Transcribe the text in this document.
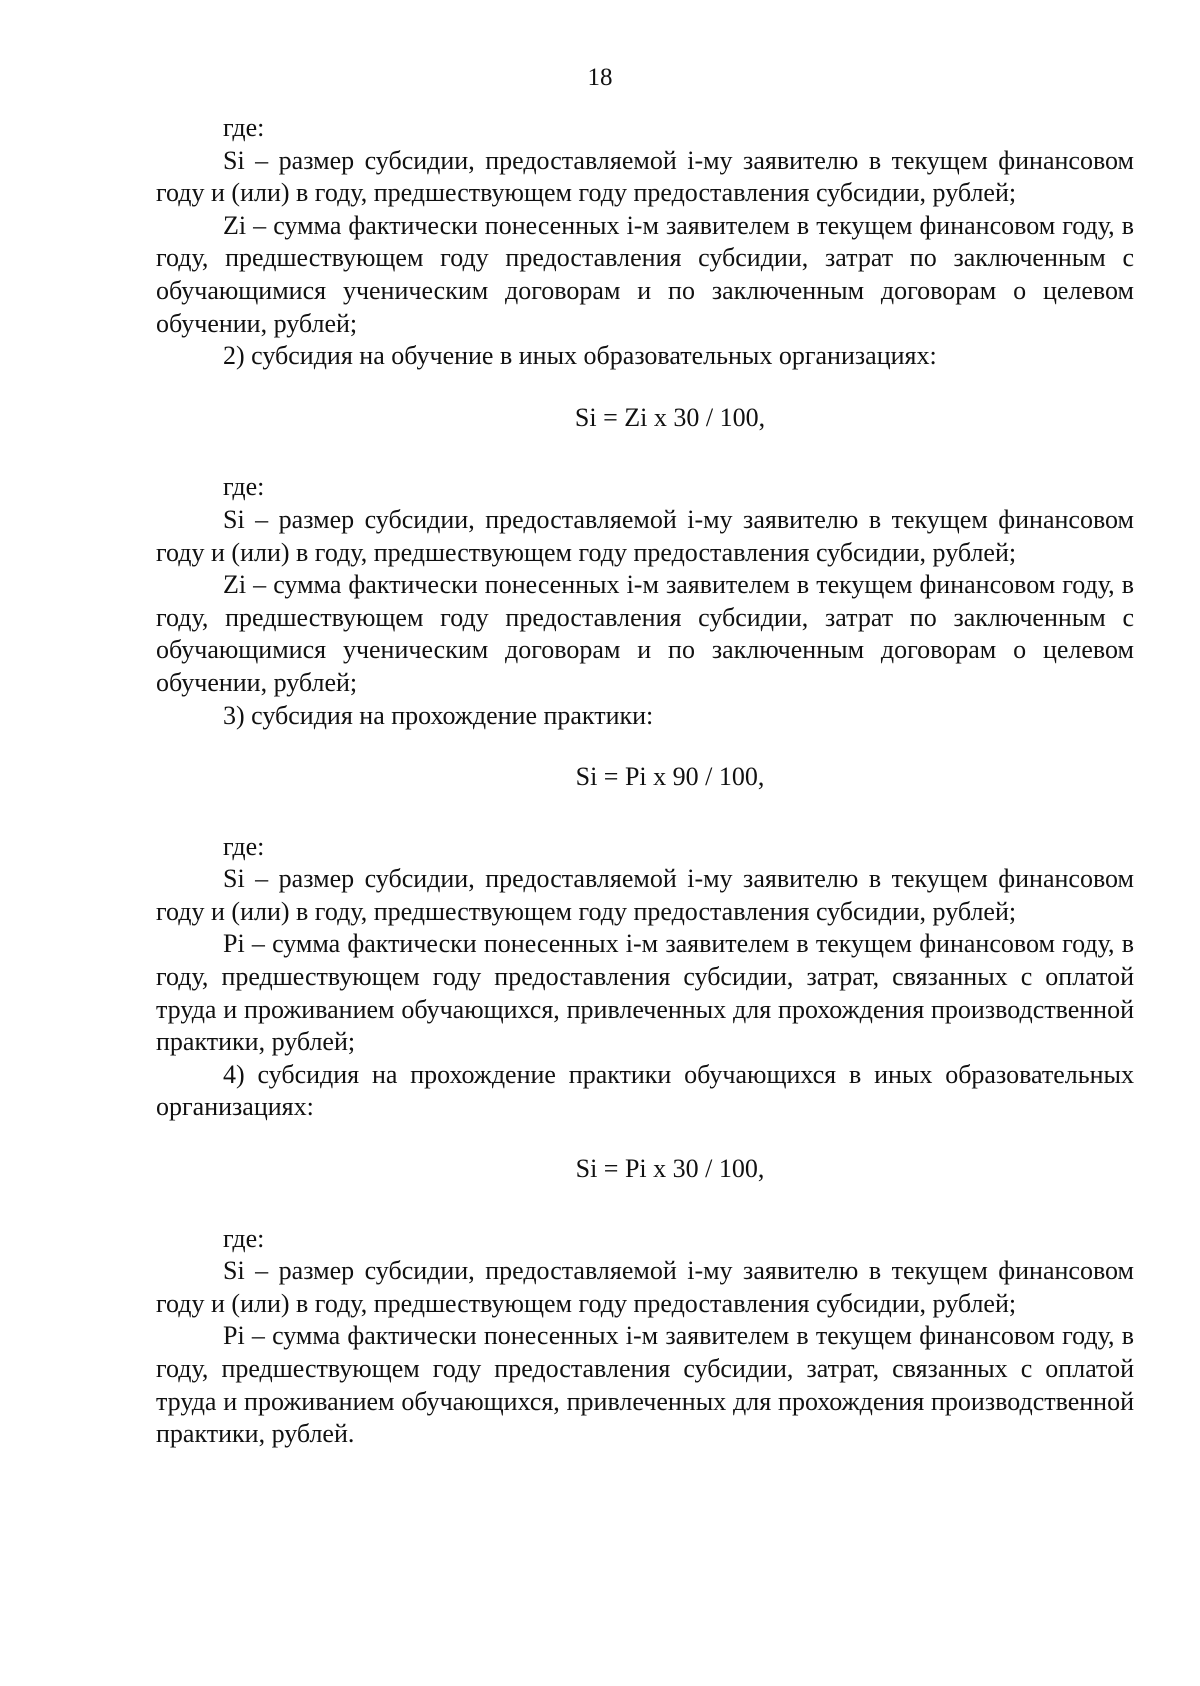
18

где:

Si – размер субсидии, предоставляемой i-му заявителю в текущем финансовом году и (или) в году, предшествующем году предоставления субсидии, рублей;

Zi – сумма фактически понесенных i-м заявителем в текущем финансовом году, в году, предшествующем году предоставления субсидии, затрат по заключенным с обучающимися ученическим договорам и по заключенным договорам о целевом обучении, рублей;

2) субсидия на обучение в иных образовательных организациях:

Si = Zi x 30 / 100,

где:

Si – размер субсидии, предоставляемой i-му заявителю в текущем финансовом году и (или) в году, предшествующем году предоставления субсидии, рублей;

Zi – сумма фактически понесенных i-м заявителем в текущем финансовом году, в году, предшествующем году предоставления субсидии, затрат по заключенным с обучающимися ученическим договорам и по заключенным договорам о целевом обучении, рублей;

3) субсидия на прохождение практики:

Si = Pi x 90 / 100,

где:

Si – размер субсидии, предоставляемой i-му заявителю в текущем финансовом году и (или) в году, предшествующем году предоставления субсидии, рублей;

Pi – сумма фактически понесенных i-м заявителем в текущем финансовом году, в году, предшествующем году предоставления субсидии, затрат, связанных с оплатой труда и проживанием обучающихся, привлеченных для прохождения производственной практики, рублей;

4) субсидия на прохождение практики обучающихся в иных образовательных организациях:

Si = Pi x 30 / 100,

где:

Si – размер субсидии, предоставляемой i-му заявителю в текущем финансовом году и (или) в году, предшествующем году предоставления субсидии, рублей;

Pi – сумма фактически понесенных i-м заявителем в текущем финансовом году, в году, предшествующем году предоставления субсидии, затрат, связанных с оплатой труда и проживанием обучающихся, привлеченных для прохождения производственной практики, рублей.
